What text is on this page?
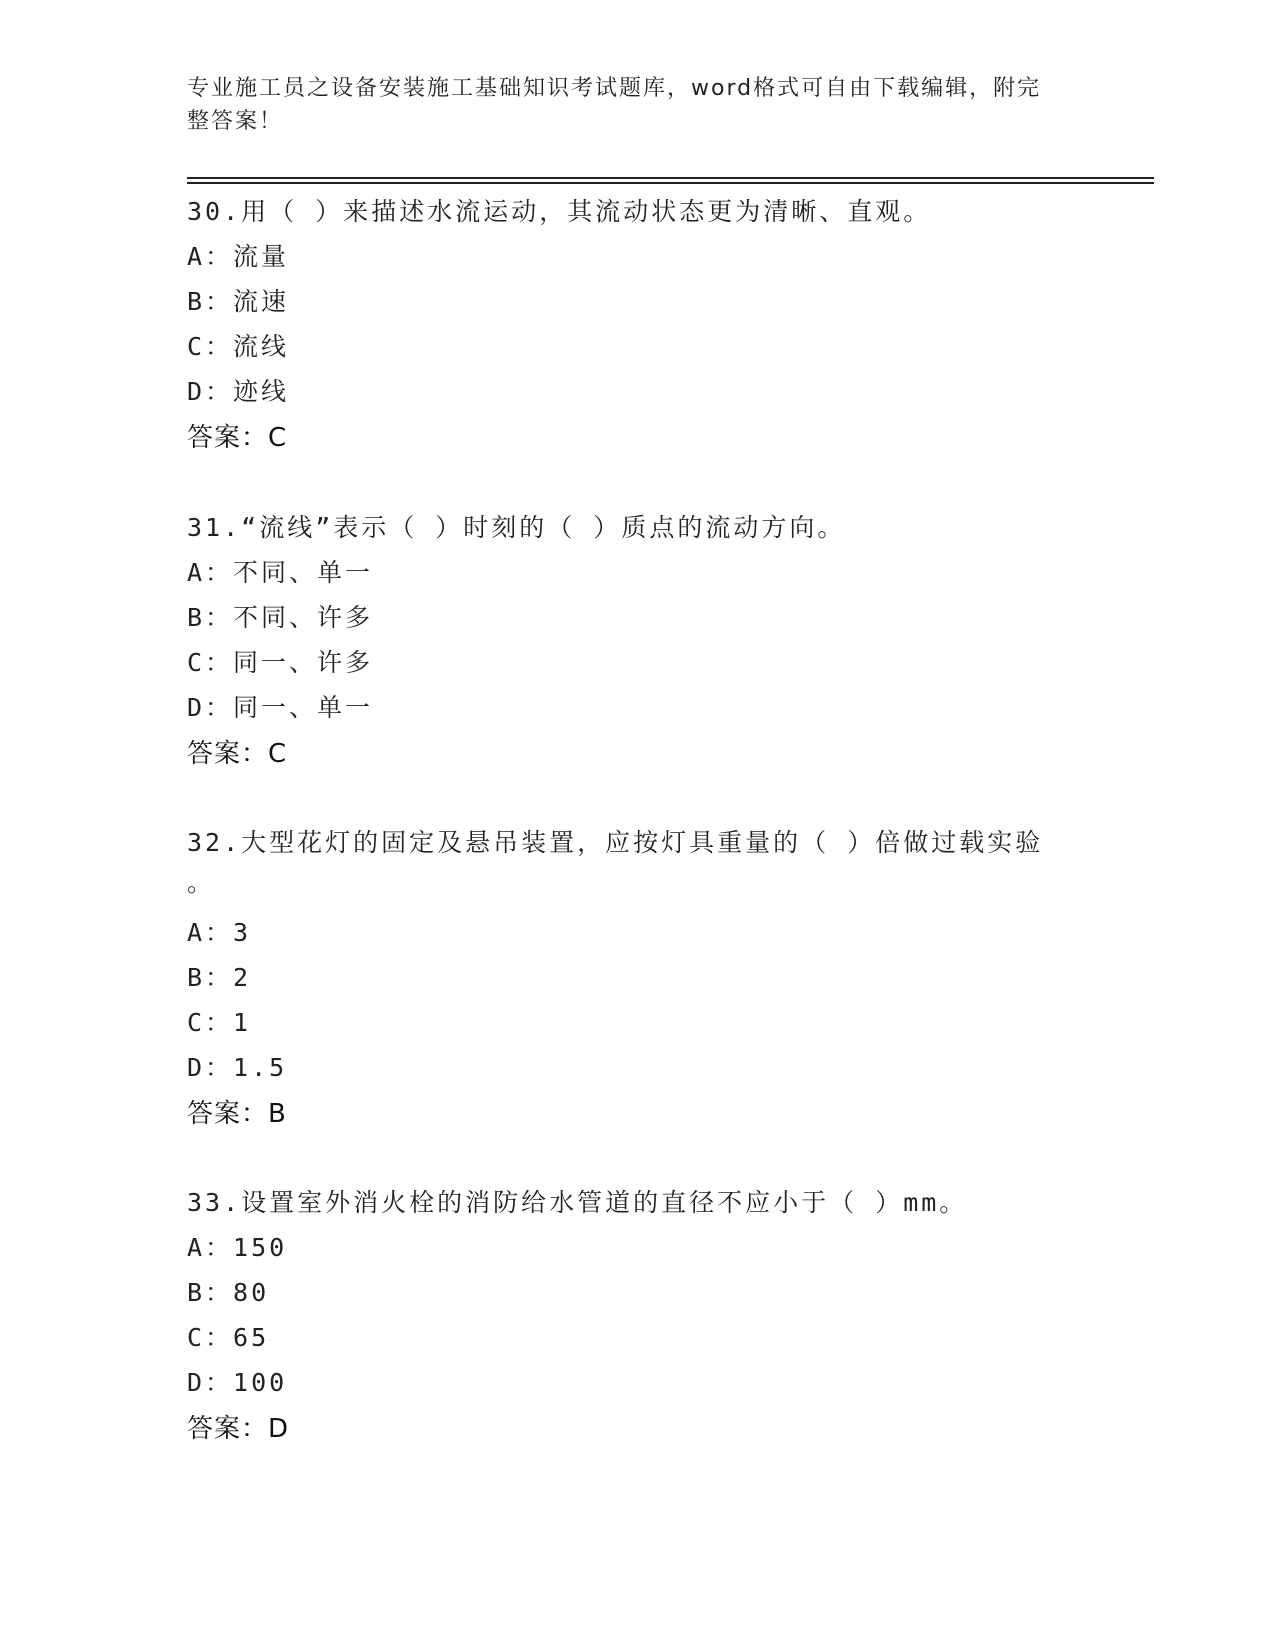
专业施工员之设备安装施工基础知识考试题库，word格式可自由下载编辑，附完
整答案！
30.用（ ）来描述水流运动，其流动状态更为清晰、直观。
A：流量
B：流速
C：流线
D：迹线
答案：C
31.“流线”表示（ ）时刻的（ ）质点的流动方向。
A：不同、单一
B：不同、许多
C：同一、许多
D：同一、单一
答案：C
32.大型花灯的固定及悬吊装置，应按灯具重量的（ ）倍做过载实验
。
A：3
B：2
C：1
D：1.5
答案：B
33.设置室外消火栓的消防给水管道的直径不应小于（ ）mm。
A：150
B：80
C：65
D：100
答案：D
